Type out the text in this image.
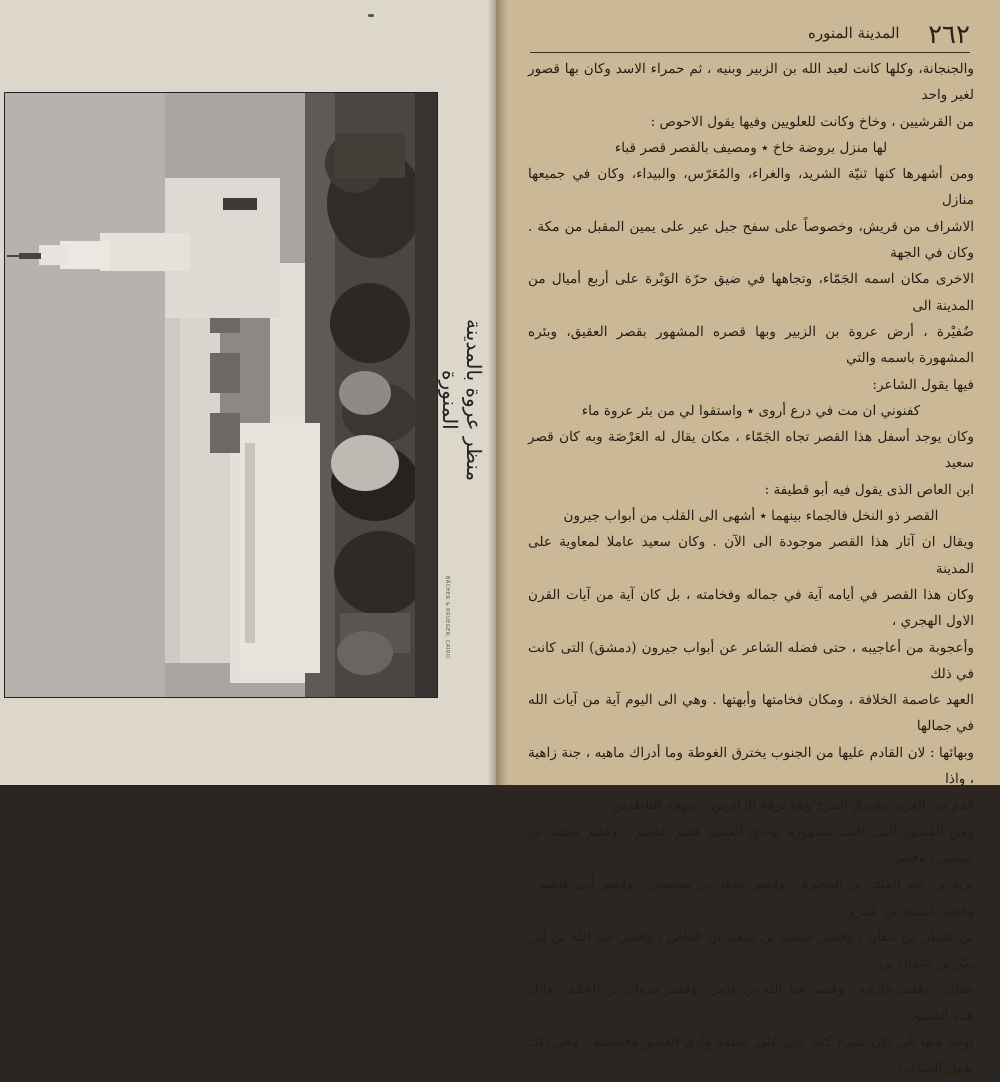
BÄCHER & KRUEGER, CAIRO.
منظر عروة بالمدينة المنورة
المدينة المنوره ٢٦٢

والجنجانة، وكلها كانت لعبد الله بن الزبير وبنيه ، ثم حمراء الاسد وكان بها قصور لغير واحد

من القرشيين ، وخاخ وكانت للعلويين وفيها يقول الاحوص :

لها منزل بروضة خاخ ٭ ومصيف بالقصر قصر قباء

ومن أشهرها كنها ثنيّة الشريد، والغراء، والمُعَرّس، والبيداء، وكان في جميعها منازل

الاشراف من قريش، وخصوصاً على سفح جبل عير على يمين المقبل من مكة . وكان في الجهة

الاخرى مكان اسمه الجَمّاء، وتجاهها في ضيق حرّة الوَبْرة على أربع أميال من المدينة الى

ضُفيْرة ، أرض عروة بن الزبير وبها قصره المشهور بقصر العقيق، وبئره المشهورة باسمه والتي

فيها يقول الشاعر:

كفنوني ان مت في درع أروى ٭ واستقوا لي من بئر عروة ماء

وكان يوجد أسفل هذا القصر تجاه الجَمّاء ، مكان يقال له العَرْصَة وبه كان قصر سعيد

ابن العاص الذى يقول فيه أبو قطيفة :

القصر ذو النخل فالجماء بينهما ٭ أشهى الى القلب من أبواب جيرون

ويقال ان آثار هذا القصر موجودة الى الآن . وكان سعيد عاملا لمعاوية على المدينة

وكان هذا القصر في أيامه آية في جماله وفخامته ، بل كان آية من آيات القرن الاول الهجري ،

وأعجوبة من أعاجيبه ، حتى فضله الشاعر عن أبواب جيرون (دمشق) التى كانت في ذلك

العهد عاصمة الخلافة ، ومكان فخامتها وأبهتها . وهي الى اليوم آية من آيات الله في جمالها

وبهائها : لان القادم عليها من الجنوب يخترق الغوطة وما أدراك ماهيه ، جنة زاهية ، واذا

قدم من الغرب يخترق المرج وهو نزهة الزائرين ، وبهجة الناظرين .

ومن القصور التى كانت مشهورة بوادى العقيق قصر عاصم ، وقصر محمد بن عيسى ، وقصر

يزيد بن عبد الملك بن المغيرة ، وقصر جعفر بن سليمان ، وقصر أبى هاشم ، وقصر عنبسة بن عمرو

بن عثمان بن عفان ، وقصر عنبسة بن سعيد بن العاص ، وقصر عبد الله بن أبى بكر بن عثمان بن

عفان ، وقصر خارجة ، وقصر عبد الله بن عامر ، وقصر مروان بن الحكم ، وآثار هذه القصور

يوجد منها الى الآن شيء كثير يدل على عظمة وادى العقيق وفخامته ، وفي ذلك يقول الشاعر:
